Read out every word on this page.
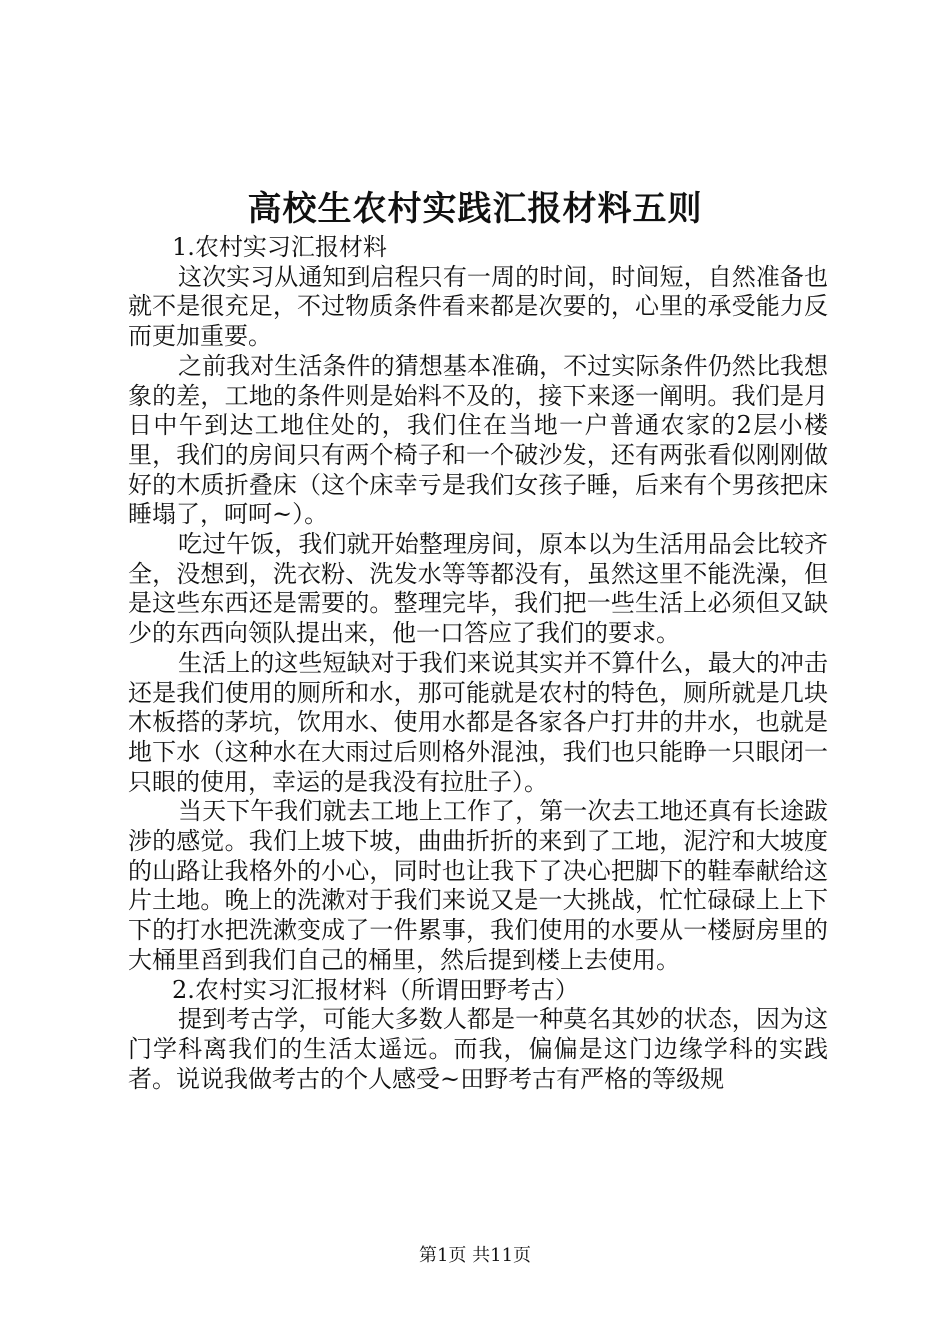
高校生农村实践汇报材料五则

1.农村实习汇报材料

这次实习从通知到启程只有一周的时间，时间短，自然准备也就不是很充足，不过物质条件看来都是次要的，心里的承受能力反而更加重要。

之前我对生活条件的猜想基本准确，不过实际条件仍然比我想象的差，工地的条件则是始料不及的，接下来逐一阐明。我们是月日中午到达工地住处的，我们住在当地一户普通农家的2层小楼里，我们的房间只有两个椅子和一个破沙发，还有两张看似刚刚做好的木质折叠床（这个床幸亏是我们女孩子睡，后来有个男孩把床睡塌了，呵呵~）。

吃过午饭，我们就开始整理房间，原本以为生活用品会比较齐全，没想到，洗衣粉、洗发水等等都没有，虽然这里不能洗澡，但是这些东西还是需要的。整理完毕，我们把一些生活上必须但又缺少的东西向领队提出来，他一口答应了我们的要求。

生活上的这些短缺对于我们来说其实并不算什么，最大的冲击还是我们使用的厕所和水，那可能就是农村的特色，厕所就是几块木板搭的茅坑，饮用水、使用水都是各家各户打井的井水，也就是地下水（这种水在大雨过后则格外混浊，我们也只能睁一只眼闭一只眼的使用，幸运的是我没有拉肚子）。

当天下午我们就去工地上工作了，第一次去工地还真有长途跋涉的感觉。我们上坡下坡，曲曲折折的来到了工地，泥泞和大坡度的山路让我格外的小心，同时也让我下了决心把脚下的鞋奉献给这片土地。晚上的洗漱对于我们来说又是一大挑战，忙忙碌碌上上下下的打水把洗漱变成了一件累事，我们使用的水要从一楼厨房里的大桶里舀到我们自己的桶里，然后提到楼上去使用。

2.农村实习汇报材料（所谓田野考古）

提到考古学，可能大多数人都是一种莫名其妙的状态，因为这门学科离我们的生活太遥远。而我，偏偏是这门边缘学科的实践者。说说我做考古的个人感受~田野考古有严格的等级规

第1页 共11页
